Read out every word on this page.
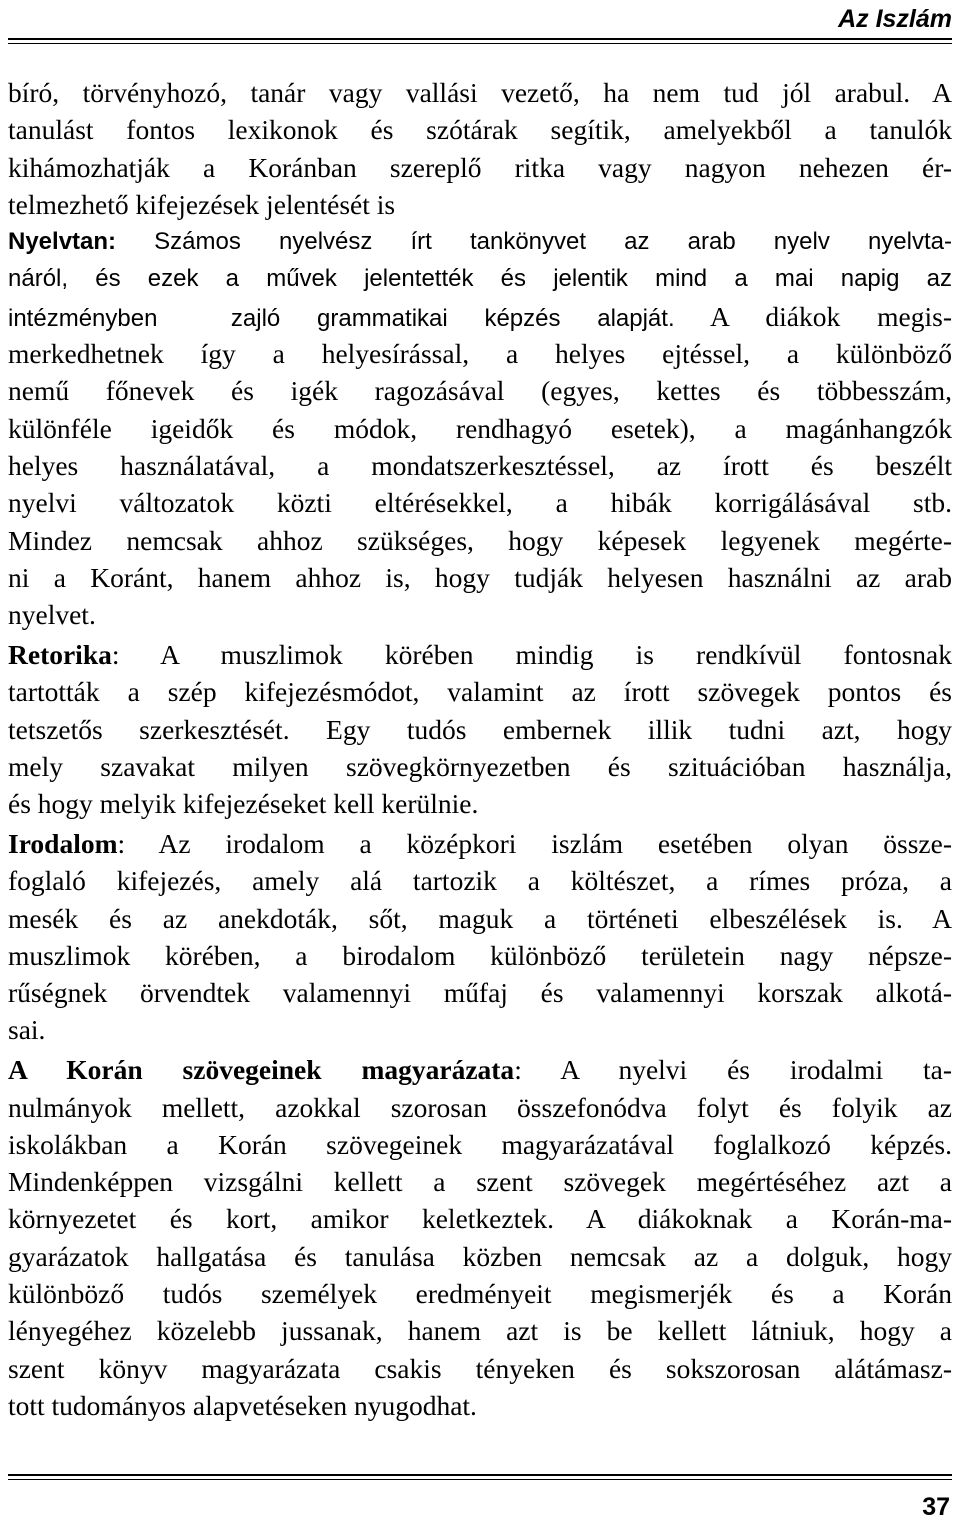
Az Iszlám
bíró, törvényhozó, tanár vagy vallási vezető, ha nem tud jól arabul. A
tanulást fontos lexikonok és szótárak segítik, amelyekből a tanulók
kihámozhatják a Koránban szereplő ritka vagy nagyon nehezen ér-
telmezhető kifejezések jelentését is
Nyelvtan: Számos nyelvész írt tankönyvet az arab nyelv nyelvta-
náról, és ezek a művek jelentették és jelentik mind a mai napig az
intézményben  zajló grammatikai képzés alapját. A diákok megis-
merkedhetnek így a helyesírással, a helyes ejtéssel, a különböző
nemű főnevek és igék ragozásával (egyes, kettes és többesszám,
különféle igeidők és módok, rendhagyó esetek), a magánhangzók
helyes használatával, a mondatszerkesztéssel, az írott és beszélt
nyelvi változatok közti eltérésekkel, a hibák korrigálásával stb.
Mindez nemcsak ahhoz szükséges, hogy képesek legyenek megérte-
ni a Koránt, hanem ahhoz is, hogy tudják helyesen használni az arab
nyelvet.
Retorika: A muszlimok körében mindig is rendkívül fontosnak
tartották a szép kifejezésmódot, valamint az írott szövegek pontos és
tetszetős szerkesztését. Egy tudós embernek illik tudni azt, hogy
mely szavakat milyen szövegkörnyezetben és szituációban használja,
és hogy melyik kifejezéseket kell kerülnie.
Irodalom: Az irodalom a középkori iszlám esetében olyan össze-
foglaló kifejezés, amely alá tartozik a költészet, a rímes próza, a
mesék és az anekdoták, sőt, maguk a történeti elbeszélések is. A
muszlimok körében, a birodalom különböző területein nagy népsze-
rűségnek örvendtek valamennyi műfaj és valamennyi korszak alkotá-
sai.
A Korán szövegeinek magyarázata: A nyelvi és irodalmi ta-
nulmányok mellett, azokkal szorosan összefonódva folyt és folyik az
iskolákban a Korán szövegeinek magyarázatával foglalkozó képzés.
Mindenképpen vizsgálni kellett a szent szövegek megértéséhez azt a
környezetet és kort, amikor keletkeztek. A diákoknak a Korán-ma-
gyarázatok hallgatása és tanulása közben nemcsak az a dolguk, hogy
különböző tudós személyek eredményeit megismerjék és a Korán
lényegéhez közelebb jussanak, hanem azt is be kellett látniuk, hogy a
szent könyv magyarázata csakis tényeken és sokszorosan alátámasz-
tott tudományos alapvetéseken nyugodhat.
37
